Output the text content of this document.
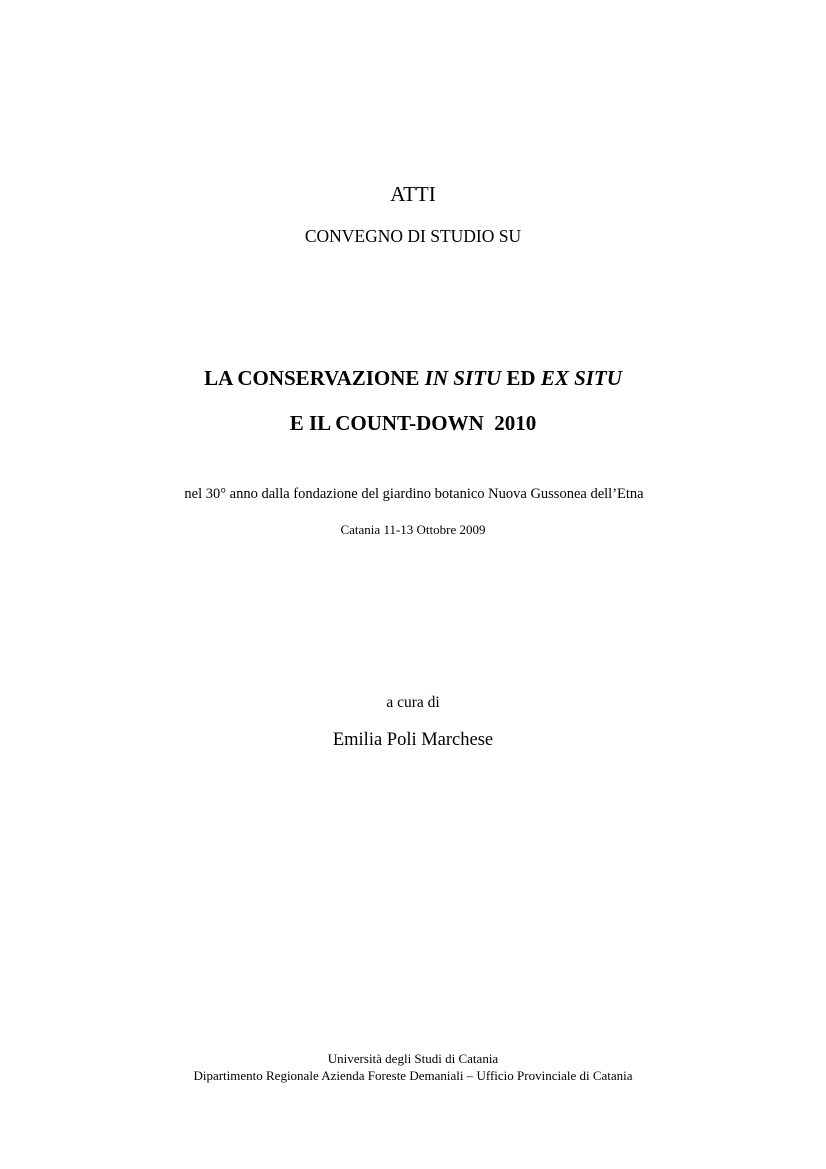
ATTI

CONVEGNO DI STUDIO SU

LA CONSERVAZIONE IN SITU ED EX SITU
E IL COUNT-DOWN  2010

nel 30° anno dalla fondazione del giardino botanico Nuova Gussonea dell’Etna

Catania 11-13 Ottobre 2009

a cura di

Emilia Poli Marchese

Università degli Studi di Catania

Dipartimento Regionale Azienda Foreste Demaniali – Ufficio Provinciale di Catania
